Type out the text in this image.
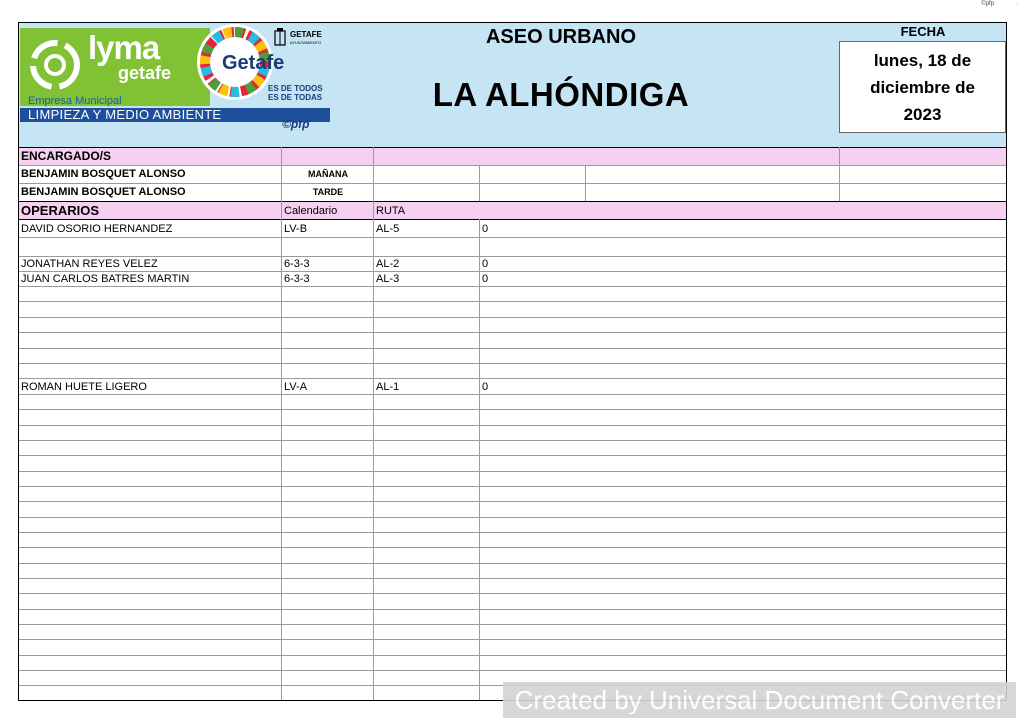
©pfp	.
lyma
getafe
Empresa Municipal
LIMPIEZA Y MEDIO AMBIENTE
Getafe
ES DE TODOS
ES DE TODAS
GETAFE
AYUNTAMIENTO
©pfp
ASEO URBANO
LA ALHÓNDIGA
FECHA
lunes, 18 de diciembre de 2023
ENCARGADO/S
BENJAMIN BOSQUET ALONSO	MAÑANA
BENJAMIN BOSQUET ALONSO	TARDE
OPERARIOS	Calendario	RUTA
DAVID OSORIO HERNANDEZ	LV-B	AL-5	0
JONATHAN REYES VELEZ	6-3-3	AL-2	0
JUAN CARLOS BATRES MARTIN	6-3-3	AL-3	0
ROMAN HUETE LIGERO	LV-A	AL-1	0
Created by Universal Document Converter
